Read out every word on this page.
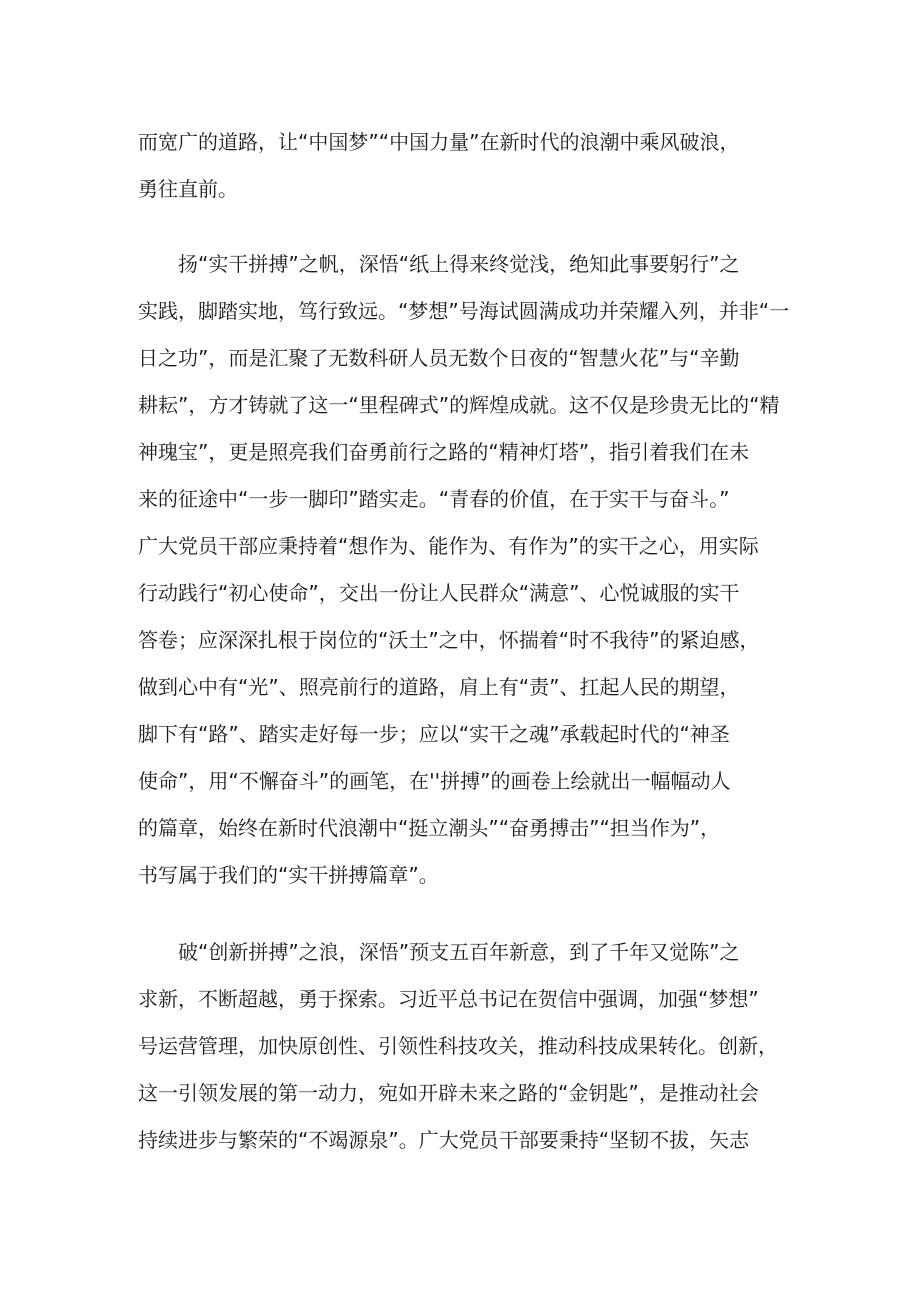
而宽广的道路，让“中国梦”“中国力量”在新时代的浪潮中乘风破浪，
勇往直前。
扬“实干拼搏”之帆，深悟“纸上得来终觉浅，绝知此事要躬行”之
实践，脚踏实地，笃行致远。“梦想”号海试圆满成功并荣耀入列，并非“一
日之功”，而是汇聚了无数科研人员无数个日夜的“智慧火花”与“辛勤
耕耘”，方才铸就了这一“里程碑式”的辉煌成就。这不仅是珍贵无比的“精
神瑰宝”，更是照亮我们奋勇前行之路的“精神灯塔”，指引着我们在未
来的征途中“一步一脚印”踏实走。“青春的价值，在于实干与奋斗。”
广大党员干部应秉持着“想作为、能作为、有作为”的实干之心，用实际
行动践行“初心使命”，交出一份让人民群众“满意”、心悦诚服的实干
答卷；应深深扎根于岗位的“沃土”之中，怀揣着“时不我待”的紧迫感，
做到心中有“光”、照亮前行的道路，肩上有“责”、扛起人民的期望，
脚下有“路”、踏实走好每一步；应以“实干之魂”承载起时代的“神圣
使命”，用“不懈奋斗”的画笔，在''拼搏”的画卷上绘就出一幅幅动人
的篇章，始终在新时代浪潮中“挺立潮头”“奋勇搏击”“担当作为”，
书写属于我们的“实干拼搏篇章”。
破“创新拼搏”之浪，深悟”预支五百年新意，到了千年又觉陈”之
求新，不断超越，勇于探索。习近平总书记在贺信中强调，加强“梦想”
号运营管理，加快原创性、引领性科技攻关，推动科技成果转化。创新，
这一引领发展的第一动力，宛如开辟未来之路的“金钥匙”，是推动社会
持续进步与繁荣的“不竭源泉”。广大党员干部要秉持“坚韧不拔，矢志
